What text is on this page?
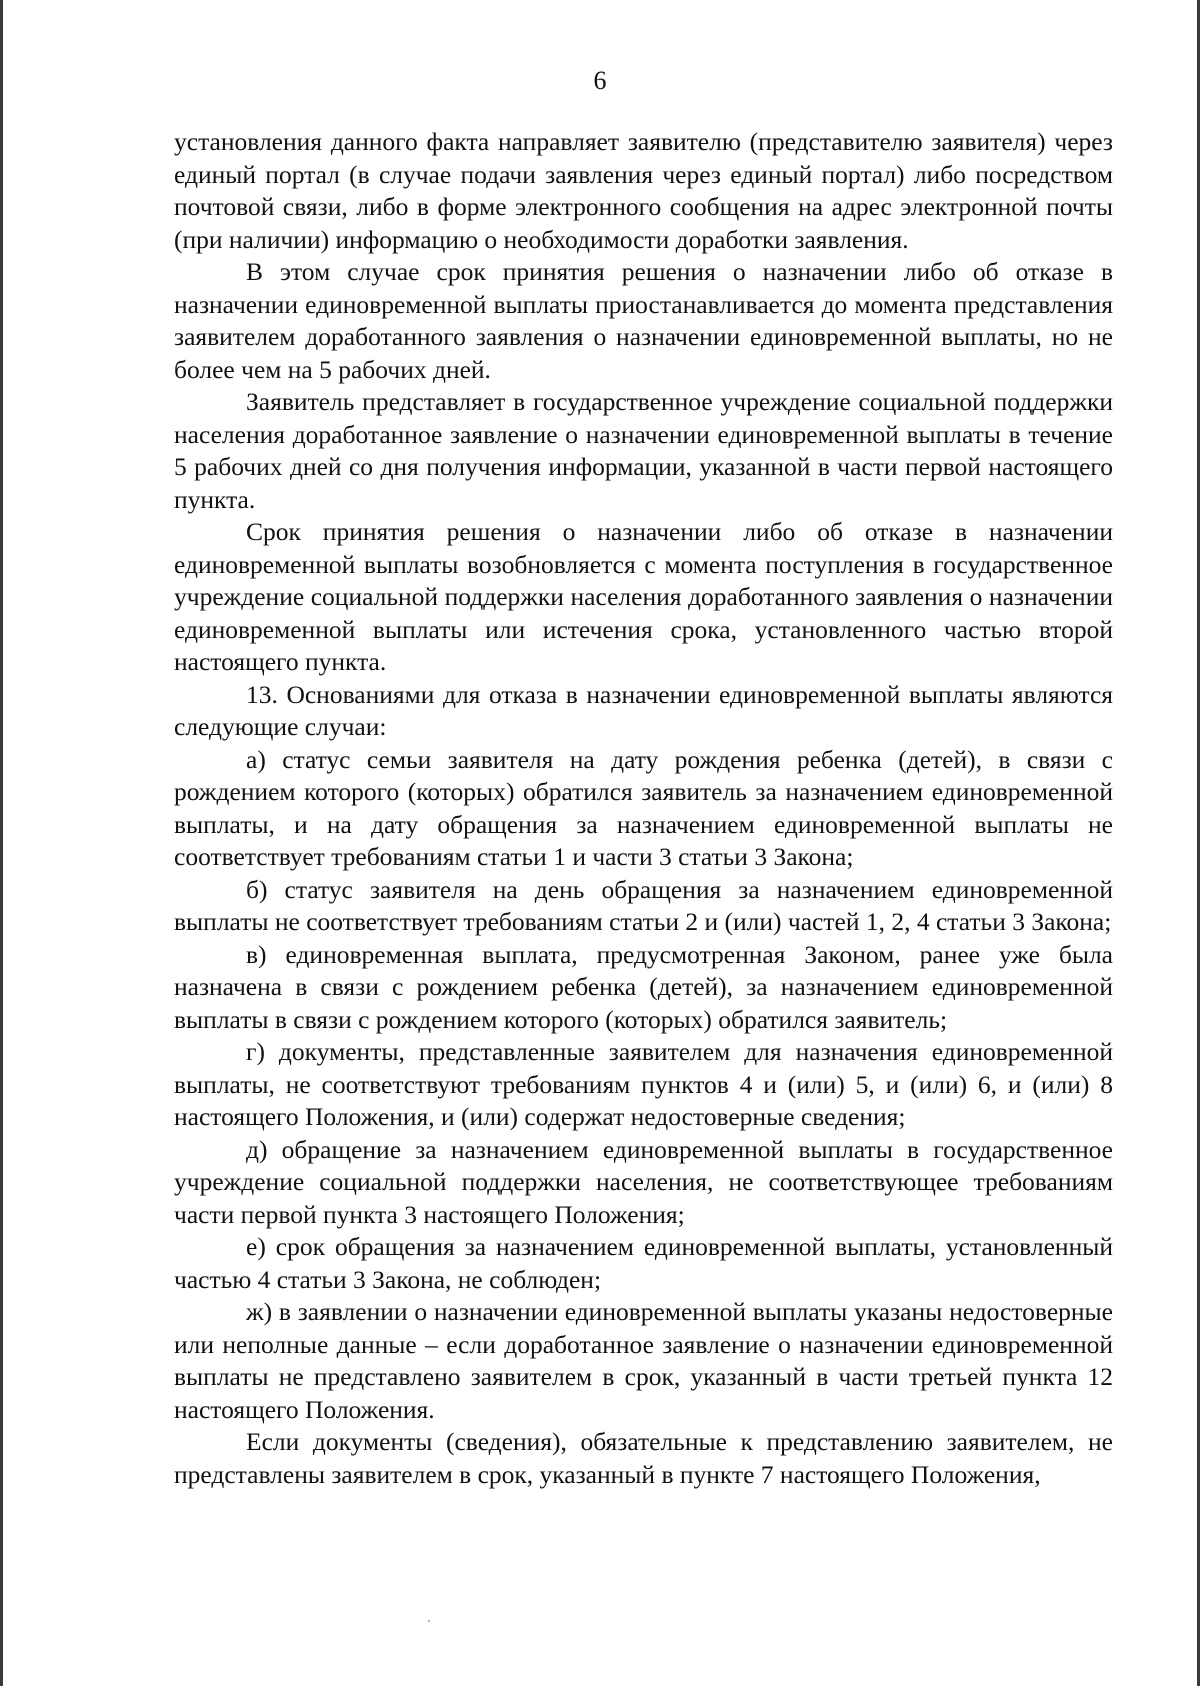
6

установления данного факта направляет заявителю (представителю заявителя) через единый портал (в случае подачи заявления через единый портал) либо посредством почтовой связи, либо в форме электронного сообщения на адрес электронной почты (при наличии) информацию о необходимости доработки заявления.

В этом случае срок принятия решения о назначении либо об отказе в назначении единовременной выплаты приостанавливается до момента представления заявителем доработанного заявления о назначении единовременной выплаты, но не более чем на 5 рабочих дней.

Заявитель представляет в государственное учреждение социальной поддержки населения доработанное заявление о назначении единовременной выплаты в течение 5 рабочих дней со дня получения информации, указанной в части первой настоящего пункта.

Срок принятия решения о назначении либо об отказе в назначении единовременной выплаты возобновляется с момента поступления в государственное учреждение социальной поддержки населения доработанного заявления о назначении единовременной выплаты или истечения срока, установленного частью второй настоящего пункта.

13. Основаниями для отказа в назначении единовременной выплаты являются следующие случаи:

а) статус семьи заявителя на дату рождения ребенка (детей), в связи с рождением которого (которых) обратился заявитель за назначением единовременной выплаты, и на дату обращения за назначением единовременной выплаты не соответствует требованиям статьи 1 и части 3 статьи 3 Закона;

б) статус заявителя на день обращения за назначением единовременной выплаты не соответствует требованиям статьи 2 и (или) частей 1, 2, 4 статьи 3 Закона;

в) единовременная выплата, предусмотренная Законом, ранее уже была назначена в связи с рождением ребенка (детей), за назначением единовременной выплаты в связи с рождением которого (которых) обратился заявитель;

г) документы, представленные заявителем для назначения единовременной выплаты, не соответствуют требованиям пунктов 4 и (или) 5, и (или) 6, и (или) 8 настоящего Положения, и (или) содержат недостоверные сведения;

д) обращение за назначением единовременной выплаты в государственное учреждение социальной поддержки населения, не соответствующее требованиям части первой пункта 3 настоящего Положения;

е) срок обращения за назначением единовременной выплаты, установленный частью 4 статьи 3 Закона, не соблюден;

ж) в заявлении о назначении единовременной выплаты указаны недостоверные или неполные данные – если доработанное заявление о назначении единовременной выплаты не представлено заявителем в срок, указанный в части третьей пункта 12 настоящего Положения.

Если документы (сведения), обязательные к представлению заявителем, не представлены заявителем в срок, указанный в пункте 7 настоящего Положения,
